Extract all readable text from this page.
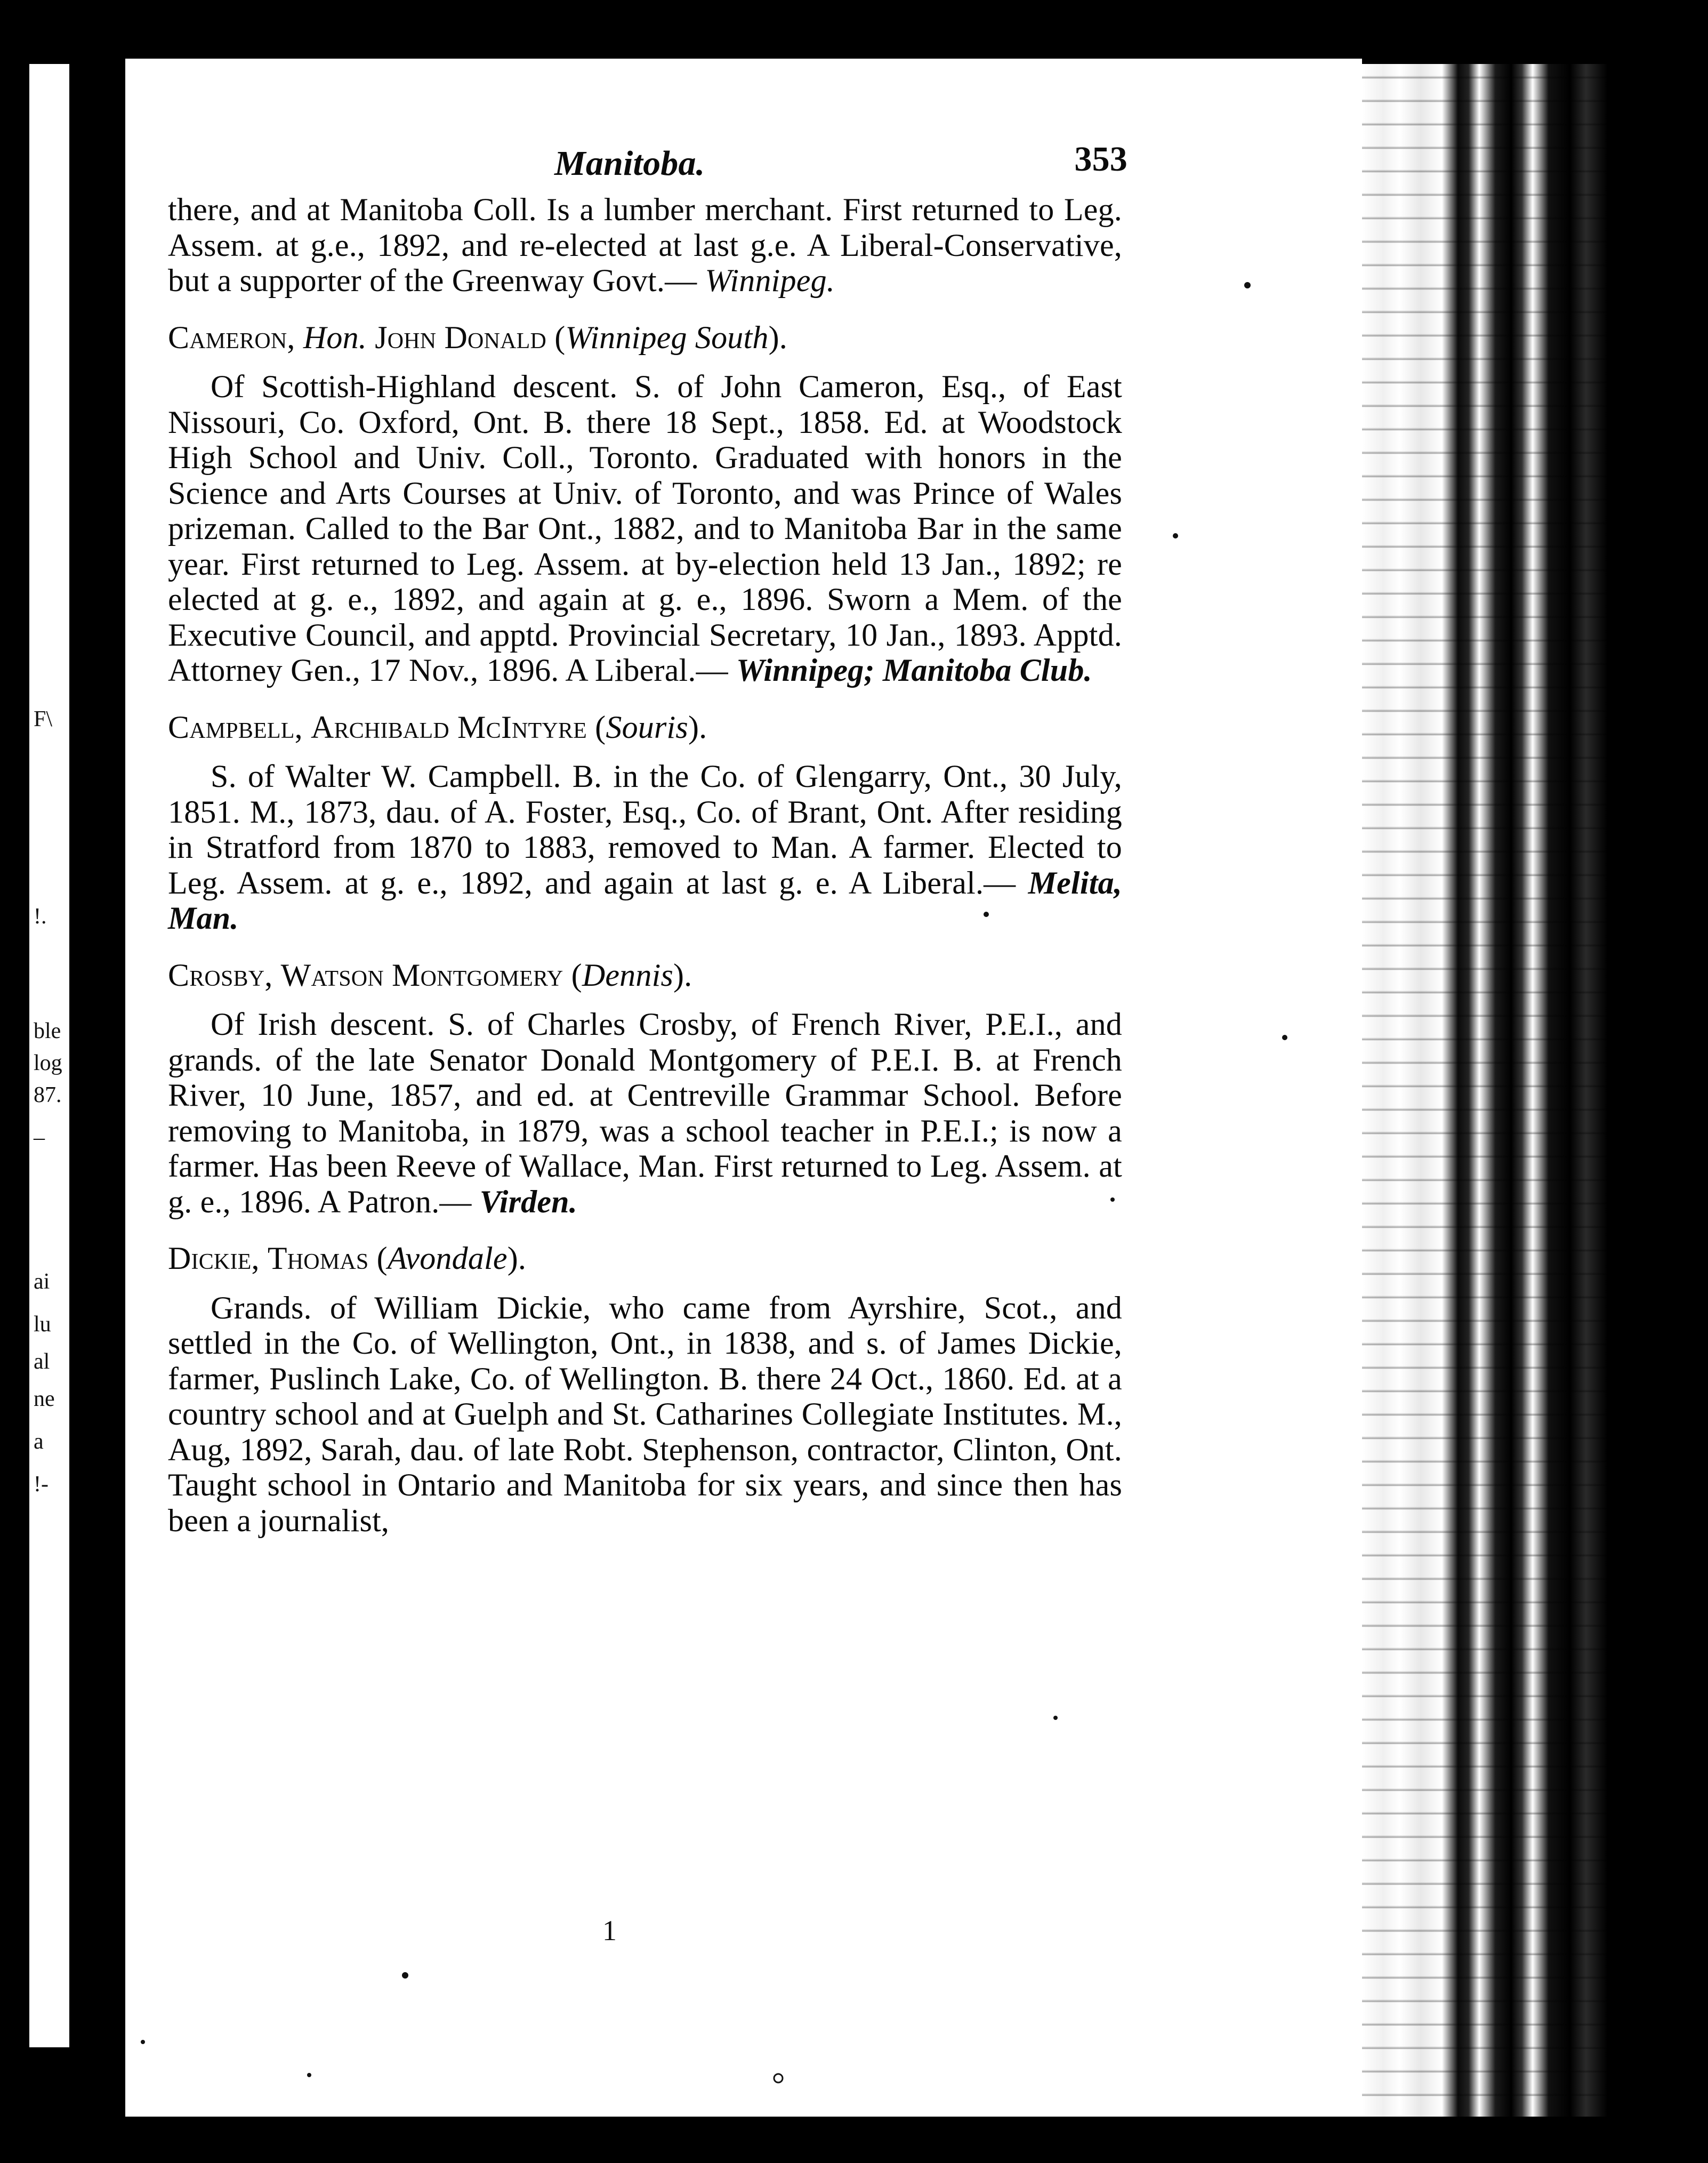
F\
!.
ble
log
87.
–
ai
lu
al
ne
a
!-
Manitoba.	353

there, and at Manitoba Coll. Is a lumber merchant. First returned to Leg. Assem. at g.e., 1892, and re-elected at last g.e. A Liberal-Conservative, but a supporter of the Greenway Govt.— Winnipeg.

Cameron, Hon. John Donald (Winnipeg South).

Of Scottish-Highland descent. S. of John Cameron, Esq., of East Nissouri, Co. Oxford, Ont. B. there 18 Sept., 1858. Ed. at Woodstock High School and Univ. Coll., Toronto. Graduated with honors in the Science and Arts Courses at Univ. of Toronto, and was Prince of Wales prizeman. Called to the Bar Ont., 1882, and to Manitoba Bar in the same year. First returned to Leg. Assem. at by-election held 13 Jan., 1892; re elected at g. e., 1892, and again at g. e., 1896. Sworn a Mem. of the Executive Council, and apptd. Provincial Secretary, 10 Jan., 1893. Apptd. Attorney Gen., 17 Nov., 1896. A Liberal.— Winnipeg; Manitoba Club.

Campbell, Archibald McIntyre (Souris).

S. of Walter W. Campbell. B. in the Co. of Glengarry, Ont., 30 July, 1851. M., 1873, dau. of A. Foster, Esq., Co. of Brant, Ont. After residing in Stratford from 1870 to 1883, removed to Man. A farmer. Elected to Leg. Assem. at g. e., 1892, and again at last g. e. A Liberal.— Melita, Man.

Crosby, Watson Montgomery (Dennis).

Of Irish descent. S. of Charles Crosby, of French River, P.E.I., and grands. of the late Senator Donald Montgomery of P.E.I. B. at French River, 10 June, 1857, and ed. at Centreville Grammar School. Before removing to Manitoba, in 1879, was a school teacher in P.E.I.; is now a farmer. Has been Reeve of Wallace, Man. First returned to Leg. Assem. at g. e., 1896. A Patron.— Virden.

Dickie, Thomas (Avondale).

Grands. of William Dickie, who came from Ayrshire, Scot., and settled in the Co. of Wellington, Ont., in 1838, and s. of James Dickie, farmer, Puslinch Lake, Co. of Wellington. B. there 24 Oct., 1860. Ed. at a country school and at Guelph and St. Catharines Collegiate Institutes. M., Aug, 1892, Sarah, dau. of late Robt. Stephenson, contractor, Clinton, Ont. Taught school in Ontario and Manitoba for six years, and since then has been a journalist,

1
